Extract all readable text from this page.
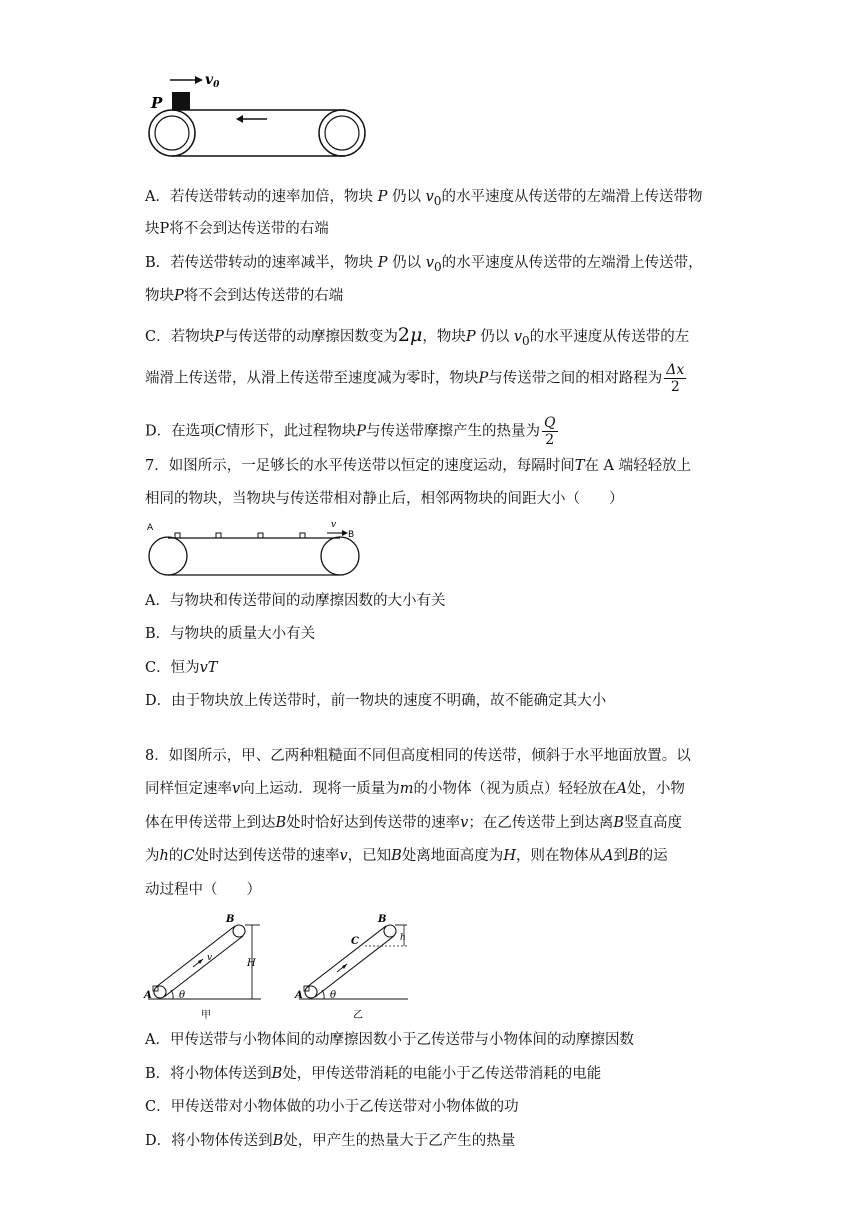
$v_0$
P
A．若传送带转动的速率加倍，物块 P 仍以 $v_0$的水平速度从传送带的左端滑上传送带物
块P将不会到达传送带的右端
B．若传送带转动的速率减半，物块 P 仍以 $v_0$的水平速度从传送带的左端滑上传送带，
物块P将不会到达传送带的右端
C．若物块P与传送带的动摩擦因数变为2μ，物块P 仍以 $v_0$的水平速度从传送带的左
端滑上传送带，从滑上传送带至速度减为零时，物块P与传送带之间的相对路程为 $\frac{\Delta x}{2}$
D．在选项C情形下，此过程物块P与传送带摩擦产生的热量为 $\frac{Q}{2}$
7．如图所示，一足够长的水平传送带以恒定的速度运动，每隔时间T在 A 端轻轻放上
相同的物块，当物块与传送带相对静止后，相邻两物块的间距大小（　　）
A
B
v
A．与物块和传送带间的动摩擦因数的大小有关
B．与物块的质量大小有关
C．恒为vT
D．由于物块放上传送带时，前一物块的速度不明确，故不能确定其大小
8．如图所示，甲、乙两种粗糙面不同但高度相同的传送带，倾斜于水平地面放置。以
同样恒定速率v向上运动．现将一质量为m的小物体（视为质点）轻轻放在A处，小物
体在甲传送带上到达B处时恰好达到传送带的速率v；在乙传送带上到达离B竖直高度
为h的C处时达到传送带的速率v，已知B处离地面高度为H，则在物体从A到B的运
动过程中（　　）
B
A
H
v
θ
甲
B
C
A
h
θ
乙
A．甲传送带与小物体间的动摩擦因数小于乙传送带与小物体间的动摩擦因数
B．将小物体传送到B处，甲传送带消耗的电能小于乙传送带消耗的电能
C．甲传送带对小物体做的功小于乙传送带对小物体做的功
D．将小物体传送到B处，甲产生的热量大于乙产生的热量
